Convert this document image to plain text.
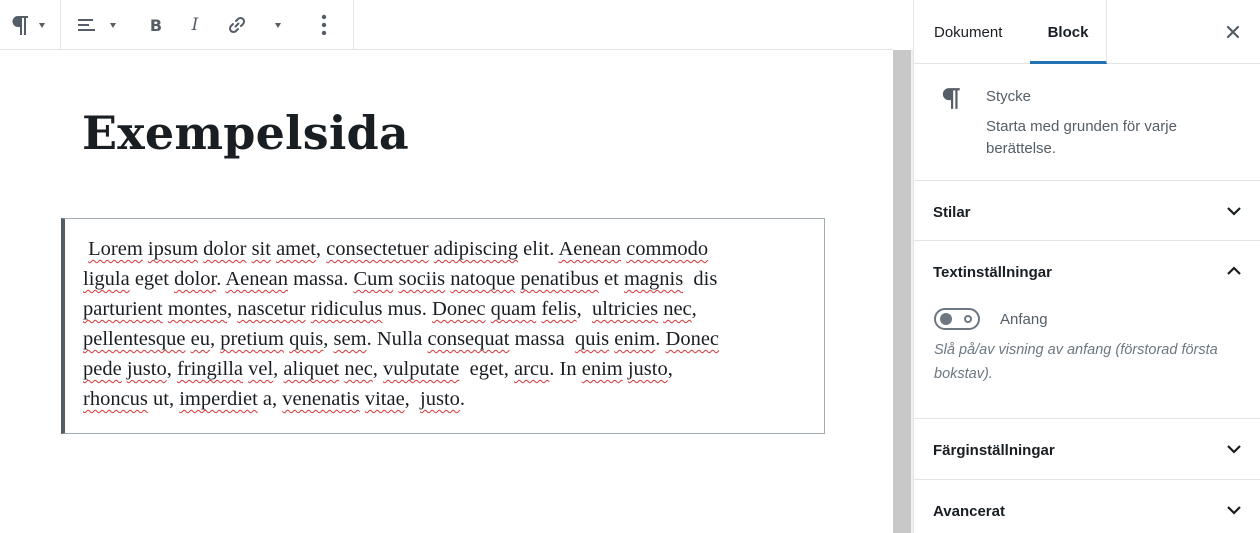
B I
Exempelsida
Lorem ipsum dolor sit amet, consectetuer adipiscing elit. Aenean commodo
ligula eget dolor. Aenean massa. Cum sociis natoque penatibus et magnis  dis
parturient montes, nascetur ridiculus mus. Donec quam felis,  ultricies nec,
pellentesque eu, pretium quis, sem. Nulla consequat massa  quis enim. Donec
pede justo, fringilla vel, aliquet nec, vulputate  eget, arcu. In enim justo,
rhoncus ut, imperdiet a, venenatis vitae,  justo.
Dokument	Block
Stycke
Starta med grunden för varje berättelse.
Stilar
Textinställningar
Anfang
Slå på/av visning av anfang (förstorad första bokstav).
Färginställningar
Avancerat
